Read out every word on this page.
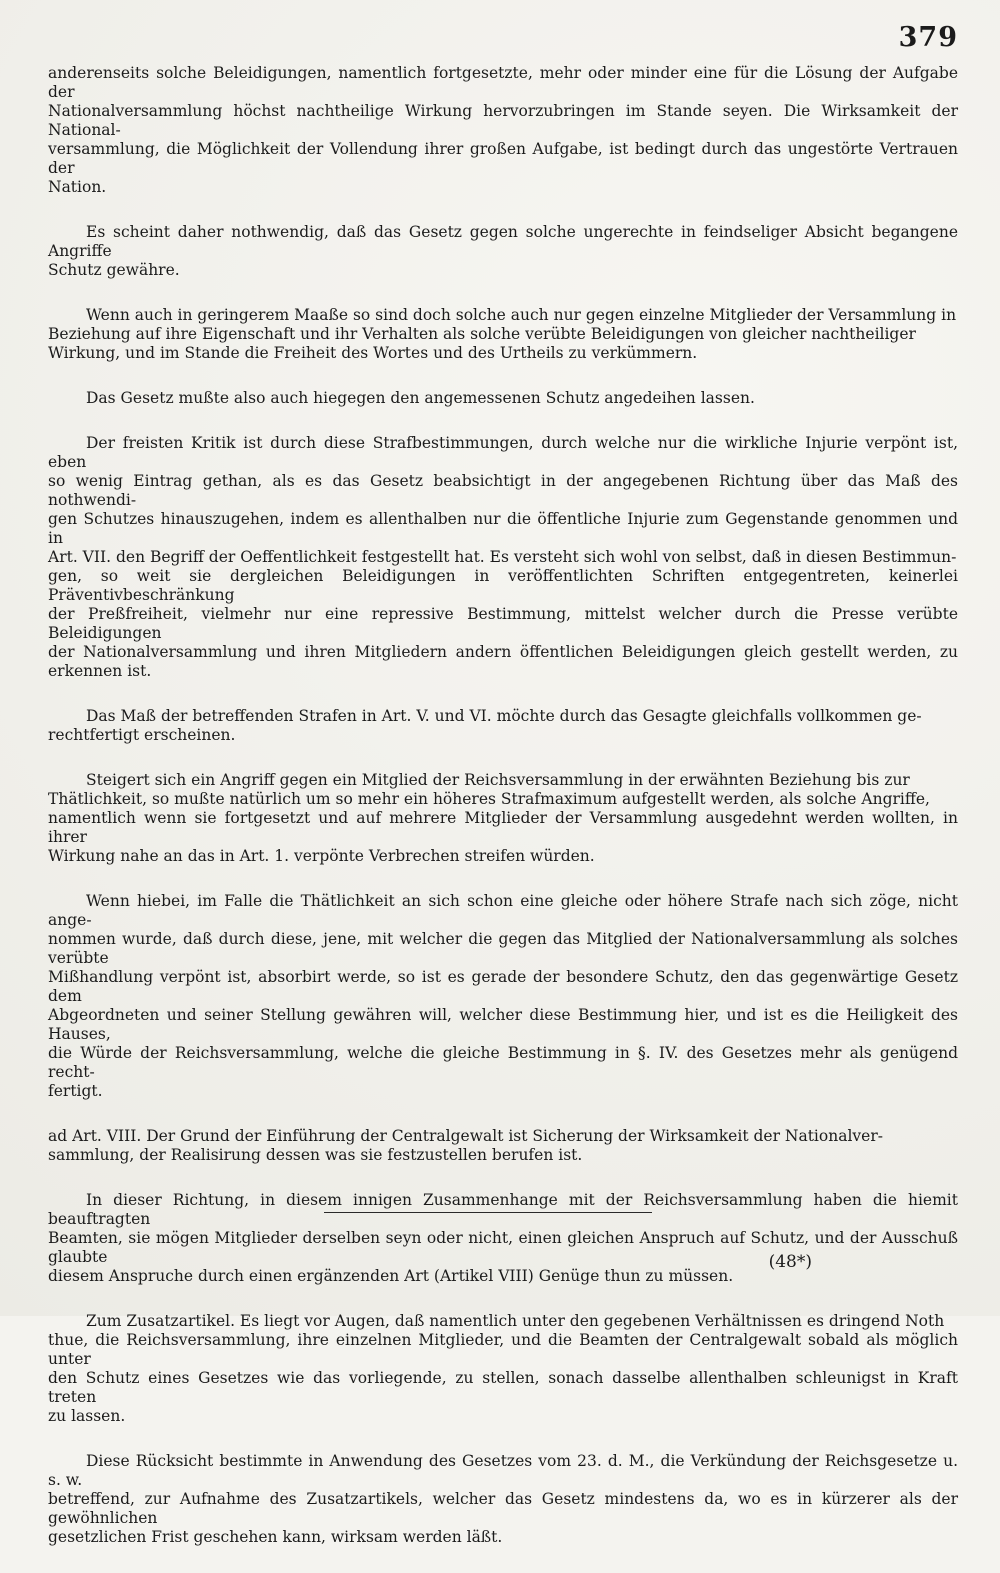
379

anderenseits solche Beleidigungen, namentlich fortgesetzte, mehr oder minder eine für die Lösung der Aufgabe der
Nationalversammlung höchst nachtheilige Wirkung hervorzubringen im Stande seyen. Die Wirksamkeit der National-
versammlung, die Möglichkeit der Vollendung ihrer großen Aufgabe, ist bedingt durch das ungestörte Vertrauen der
Nation.

Es scheint daher nothwendig, daß das Gesetz gegen solche ungerechte in feindseliger Absicht begangene Angriffe
Schutz gewähre.

Wenn auch in geringerem Maaße so sind doch solche auch nur gegen einzelne Mitglieder der Versammlung in
Beziehung auf ihre Eigenschaft und ihr Verhalten als solche verübte Beleidigungen von gleicher nachtheiliger
Wirkung, und im Stande die Freiheit des Wortes und des Urtheils zu verkümmern.

Das Gesetz mußte also auch hiegegen den angemessenen Schutz angedeihen lassen.

Der freisten Kritik ist durch diese Strafbestimmungen, durch welche nur die wirkliche Injurie verpönt ist, eben
so wenig Eintrag gethan, als es das Gesetz beabsichtigt in der angegebenen Richtung über das Maß des nothwendi-
gen Schutzes hinauszugehen, indem es allenthalben nur die öffentliche Injurie zum Gegenstande genommen und in
Art. VII. den Begriff der Oeffentlichkeit festgestellt hat. Es versteht sich wohl von selbst, daß in diesen Bestimmun-
gen, so weit sie dergleichen Beleidigungen in veröffentlichten Schriften entgegentreten, keinerlei Präventivbeschränkung
der Preßfreiheit, vielmehr nur eine repressive Bestimmung, mittelst welcher durch die Presse verübte Beleidigungen
der Nationalversammlung und ihren Mitgliedern andern öffentlichen Beleidigungen gleich gestellt werden, zu erkennen ist.

Das Maß der betreffenden Strafen in Art. V. und VI. möchte durch das Gesagte gleichfalls vollkommen ge-
rechtfertigt erscheinen.

Steigert sich ein Angriff gegen ein Mitglied der Reichsversammlung in der erwähnten Beziehung bis zur
Thätlichkeit, so mußte natürlich um so mehr ein höheres Strafmaximum aufgestellt werden, als solche Angriffe,
namentlich wenn sie fortgesetzt und auf mehrere Mitglieder der Versammlung ausgedehnt werden wollten, in ihrer
Wirkung nahe an das in Art. 1. verpönte Verbrechen streifen würden.

Wenn hiebei, im Falle die Thätlichkeit an sich schon eine gleiche oder höhere Strafe nach sich zöge, nicht ange-
nommen wurde, daß durch diese, jene, mit welcher die gegen das Mitglied der Nationalversammlung als solches verübte
Mißhandlung verpönt ist, absorbirt werde, so ist es gerade der besondere Schutz, den das gegenwärtige Gesetz dem
Abgeordneten und seiner Stellung gewähren will, welcher diese Bestimmung hier, und ist es die Heiligkeit des Hauses,
die Würde der Reichsversammlung, welche die gleiche Bestimmung in §. IV. des Gesetzes mehr als genügend recht-
fertigt.

ad Art. VIII. Der Grund der Einführung der Centralgewalt ist Sicherung der Wirksamkeit der Nationalver-
sammlung, der Realisirung dessen was sie festzustellen berufen ist.

In dieser Richtung, in diesem innigen Zusammenhange mit der Reichsversammlung haben die hiemit beauftragten
Beamten, sie mögen Mitglieder derselben seyn oder nicht, einen gleichen Anspruch auf Schutz, und der Ausschuß glaubte
diesem Anspruche durch einen ergänzenden Art (Artikel VIII) Genüge thun zu müssen.

Zum Zusatzartikel. Es liegt vor Augen, daß namentlich unter den gegebenen Verhältnissen es dringend Noth
thue, die Reichsversammlung, ihre einzelnen Mitglieder, und die Beamten der Centralgewalt sobald als möglich unter
den Schutz eines Gesetzes wie das vorliegende, zu stellen, sonach dasselbe allenthalben schleunigst in Kraft treten
zu lassen.

Diese Rücksicht bestimmte in Anwendung des Gesetzes vom 23. d. M., die Verkündung der Reichsgesetze u. s. w.
betreffend, zur Aufnahme des Zusatzartikels, welcher das Gesetz mindestens da, wo es in kürzerer als der gewöhnlichen
gesetzlichen Frist geschehen kann, wirksam werden läßt.

(48*)
